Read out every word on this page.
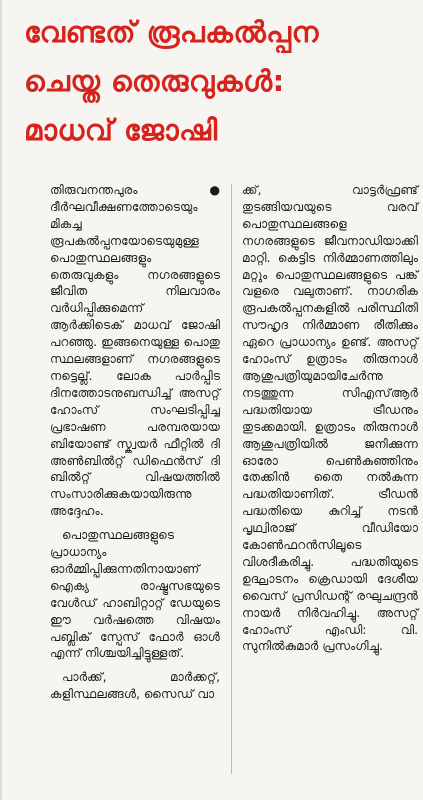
വേണ്ടത് രൂപകൽപ്പന
ചെയ്ത തെരുവുകൾ:
മാധവ് ജോഷി

തിരുവനന്തപുരം ● ദീർഘവീക്ഷണത്തോടെയും മികച്ച രൂപകൽപ്പനയോടെയുമുള്ള പൊതുസ്ഥലങ്ങളും തെരുവുകളും നഗരങ്ങളുടെ ജീവിത നിലവാരം വർധിപ്പിക്കുമെന്ന് ആർക്കിടെക് മാധവ് ജോഷി പറഞ്ഞു. ഇങ്ങനെയുള്ള പൊതു സ്ഥലങ്ങളാണ് നഗരങ്ങളുടെ നട്ടെല്ല്. ലോക പാർപ്പിട ദിനത്തോടനുബന്ധിച്ച് അസറ്റ് ഹോംസ് സംഘടിപ്പിച്ച പ്രഭാഷണ പരമ്പരയായ ബിയോണ്ട് സ്ക്വയർ ഫീറ്റിൽ ദി അൺബിൽറ്റ് ഡിഫെൻസ് ദി ബിൽറ്റ് വിഷയത്തിൽ സംസാരിക്കുകയായിരുന്നു അദ്ദേഹം.

പൊതുസ്ഥലങ്ങളുടെ പ്രാധാന്യം ഓർമ്മിപ്പിക്കുന്നതിനായാണ് ഐക്യ രാഷ്ട്രസഭയുടെ വേൾഡ് ഹാബിറ്റാറ്റ് ഡേയുടെ ഈ വർഷത്തെ വിഷയം പബ്ലിക് സ്പേസ് ഫോർ ഓൾ എന്ന് നിശ്ചയിച്ചിട്ടുള്ളത്.

പാർക്ക്, മാർക്കറ്റ്, കളിസ്ഥലങ്ങൾ, സൈഡ് വാ

ക്ക്, വാട്ടർഫ്രണ്ട് തുടങ്ങിയവയുടെ വരവ് പൊതുസ്ഥലങ്ങളെ നഗരങ്ങളുടെ ജീവനാഡിയാക്കി മാറ്റി. കെട്ടിട നിർമ്മാണത്തിലും മറ്റും പൊതുസ്ഥലങ്ങളുടെ പങ്ക് വളരെ വലുതാണ്. നാഗരിക രൂപകൽപ്പനകളിൽ പരിസ്ഥിതി സൗഹൃദ നിർമ്മാണ രീതിക്കും ഏറെ പ്രാധാന്യം ഉണ്ട്. അസറ്റ് ഹോംസ് ഉത്രാടം തിരുനാൾ ആശുപത്രിയുമായിചേർന്നു നടത്തുന്ന സിഎസ്ആർ പദ്ധതിയായ ട്രീഡനും തുടക്കമായി. ഉത്രാടം തിരുനാൾ ആശുപത്രിയിൽ ജനിക്കുന്ന ഓരോ പെൺകുഞ്ഞിനും തേക്കിൻ തൈ നൽകുന്ന പദ്ധതിയാണിത്. ട്രീഡൻ പദ്ധതിയെ കുറിച്ച് നടൻ പൃഥ്വിരാജ് വീഡിയോ കോൺഫറൻസിലൂടെ വിശദീകരിച്ചു. പദ്ധതിയുടെ ഉദ്ഘാടനം ക്രെഡായി ദേശീയ വൈസ് പ്രസിഡന്റ് രഘുചന്ദ്രൻ നായർ നിർവഹിച്ചു. അസറ്റ് ഹോംസ് എംഡി: വി. സുനിൽകുമാർ പ്രസംഗിച്ചു.
